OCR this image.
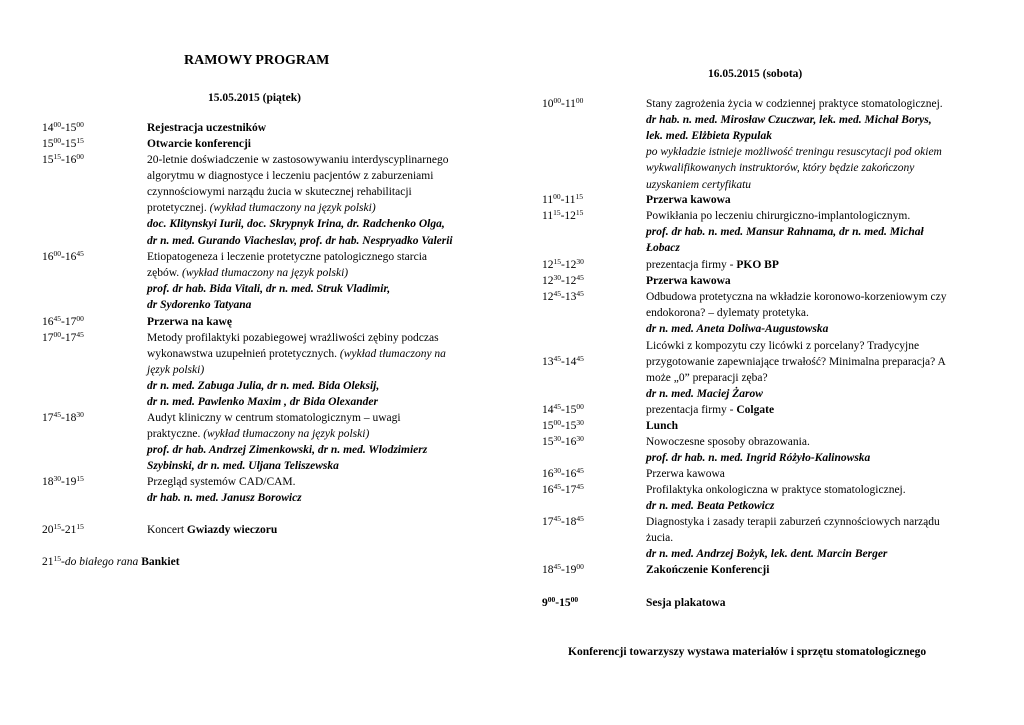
RAMOWY PROGRAM
15.05.2015 (piątek)
16.05.2015 (sobota)
$14^{00}-15^{00}$	Rejestracja uczestników
$15^{00}-15^{15}$	Otwarcie konferencji
$15^{15}-16^{00}$	20-letnie doświadczenie w zastosowywaniu interdyscyplinarnego
algorytmu w diagnostyce i leczeniu pacjentów z zaburzeniami
czynnościowymi narządu żucia w skutecznej rehabilitacji
protetycznej. (wykład tłumaczony na język polski)
doc. Klitynskyi Iurii, doc. Skrypnyk Irina, dr. Radchenko Olga,
dr n. med. Gurando Viacheslav, prof. dr hab. Nespryadko Valerii
$16^{00}-16^{45}$	Etiopatogeneza i leczenie protetyczne patologicznego starcia
zębów. (wykład tłumaczony na język polski)
prof. dr hab. Bida Vitali, dr n. med. Struk Vladimir,
dr Sydorenko Tatyana
$16^{45}-17^{00}$	Przerwa na kawę
$17^{00}-17^{45}$	Metody profilaktyki pozabiegowej wrażliwości zębiny podczas
wykonawstwa uzupełnień protetycznych. (wykład tłumaczony na
język polski)
dr n. med. Zabuga Julia, dr n. med. Bida Oleksij,
dr n. med. Pawlenko Maxim , dr Bida Olexander
$17^{45}-18^{30}$	Audyt kliniczny w centrum stomatologicznym – uwagi
praktyczne. (wykład tłumaczony na język polski)
prof. dr hab. Andrzej Zimenkowski, dr n. med. Wlodzimierz
Szybinski, dr n. med. Uljana Teliszewska
$18^{30}-19^{15}$	Przegląd systemów CAD/CAM.
dr hab. n. med. Janusz Borowicz
$20^{15}-21^{15}$	Koncert Gwiazdy wieczoru
$21^{15}-do$ białego rana Bankiet
$10^{00}-11^{00}$	Stany zagrożenia życia w codziennej praktyce stomatologicznej.
dr hab. n. med. Mirosław Czuczwar, lek. med. Michał Borys,
lek. med. Elżbieta Rypulak
po wykładzie istnieje możliwość treningu resuscytacji pod okiem
wykwalifikowanych instruktorów, który będzie zakończony
uzyskaniem certyfikatu
$11^{00}-11^{15}$	Przerwa kawowa
$11^{15}-12^{15}$	Powikłania po leczeniu chirurgiczno-implantologicznym.
prof. dr hab. n. med. Mansur Rahnama, dr n. med. Michał
Łobacz
$12^{15}-12^{30}$	prezentacja firmy - PKO BP
$12^{30}-12^{45}$	Przerwa kawowa
$12^{45}-13^{45}$	Odbudowa protetyczna na wkładzie koronowo-korzeniowym czy
endokorona? – dylematy protetyka.
dr n. med. Aneta Doliwa-Augustowska
$13^{45}-14^{45}$
Licówki z kompozytu czy licówki z porcelany? Tradycyjne
przygotowanie zapewniające trwałość? Minimalna preparacja? A
może „0” preparacji zęba?
dr n. med. Maciej Żarow
$14^{45}-15^{00}$	prezentacja firmy - Colgate
$15^{00}-15^{30}$	Lunch
$15^{30}-16^{30}$	Nowoczesne sposoby obrazowania.
prof. dr hab. n. med. Ingrid Różyło-Kalinowska
$16^{30}-16^{45}$	Przerwa kawowa
$16^{45}-17^{45}$	Profilaktyka onkologiczna w praktyce stomatologicznej.
dr n. med. Beata Petkowicz
$17^{45}-18^{45}$	Diagnostyka i zasady terapii zaburzeń czynnościowych narządu
żucia.
dr n. med. Andrzej Bożyk, lek. dent. Marcin Berger
$18^{45}-19^{00}$	Zakończenie Konferencji
$9^{00}-15^{00}$	Sesja plakatowa
Konferencji towarzyszy wystawa materiałów i sprzętu stomatologicznego
